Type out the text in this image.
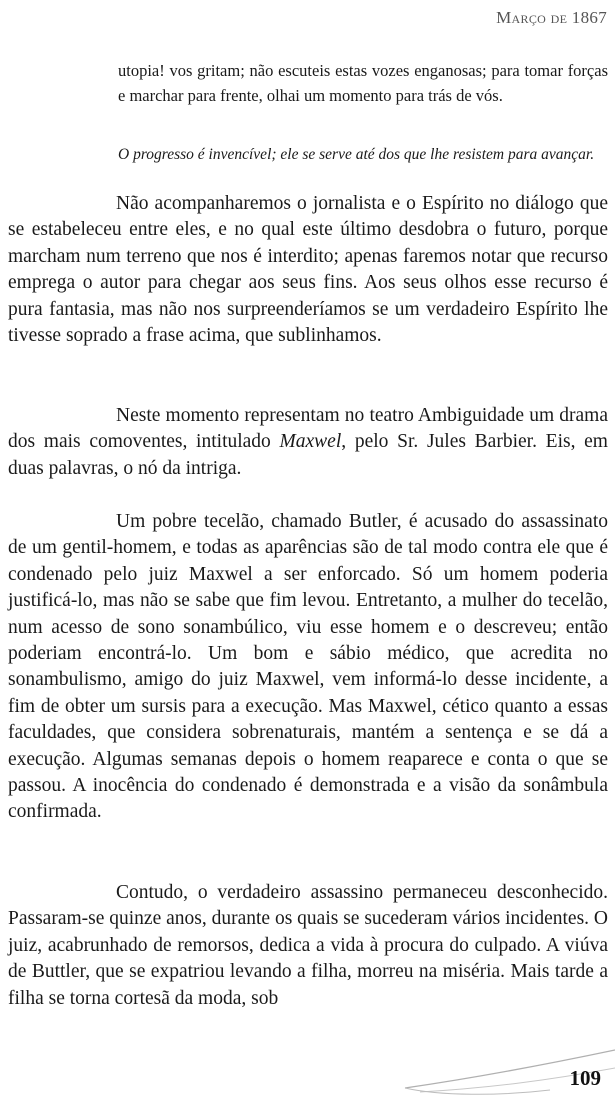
Março de 1867
utopia! vos gritam; não escuteis estas vozes enganosas; para tomar forças e marchar para frente, olhai um momento para trás de vós.
O progresso é invencível; ele se serve até dos que lhe resistem para avançar.

Não acompanharemos o jornalista e o Espírito no diálogo que se estabeleceu entre eles, e no qual este último desdobra o futuro, porque marcham num terreno que nos é interdito; apenas faremos notar que recurso emprega o autor para chegar aos seus fins. Aos seus olhos esse recurso é pura fantasia, mas não nos surpreenderíamos se um verdadeiro Espírito lhe tivesse soprado a frase acima, que sublinhamos.

Neste momento representam no teatro Ambiguidade um drama dos mais comoventes, intitulado Maxwel, pelo Sr. Jules Barbier. Eis, em duas palavras, o nó da intriga.

Um pobre tecelão, chamado Butler, é acusado do assassinato de um gentil-homem, e todas as aparências são de tal modo contra ele que é condenado pelo juiz Maxwel a ser enforcado. Só um homem poderia justificá-lo, mas não se sabe que fim levou. Entretanto, a mulher do tecelão, num acesso de sono sonambúlico, viu esse homem e o descreveu; então poderiam encontrá-lo. Um bom e sábio médico, que acredita no sonambulismo, amigo do juiz Maxwel, vem informá-lo desse incidente, a fim de obter um sursis para a execução. Mas Maxwel, cético quanto a essas faculdades, que considera sobrenaturais, mantém a sentença e se dá a execução. Algumas semanas depois o homem reaparece e conta o que se passou. A inocência do condenado é demonstrada e a visão da sonâmbula confirmada.

Contudo, o verdadeiro assassino permaneceu desconhecido. Passaram-se quinze anos, durante os quais se sucederam vários incidentes. O juiz, acabrunhado de remorsos, dedica a vida à procura do culpado. A viúva de Buttler, que se expatriou levando a filha, morreu na miséria. Mais tarde a filha se torna cortesã da moda, sob

109
